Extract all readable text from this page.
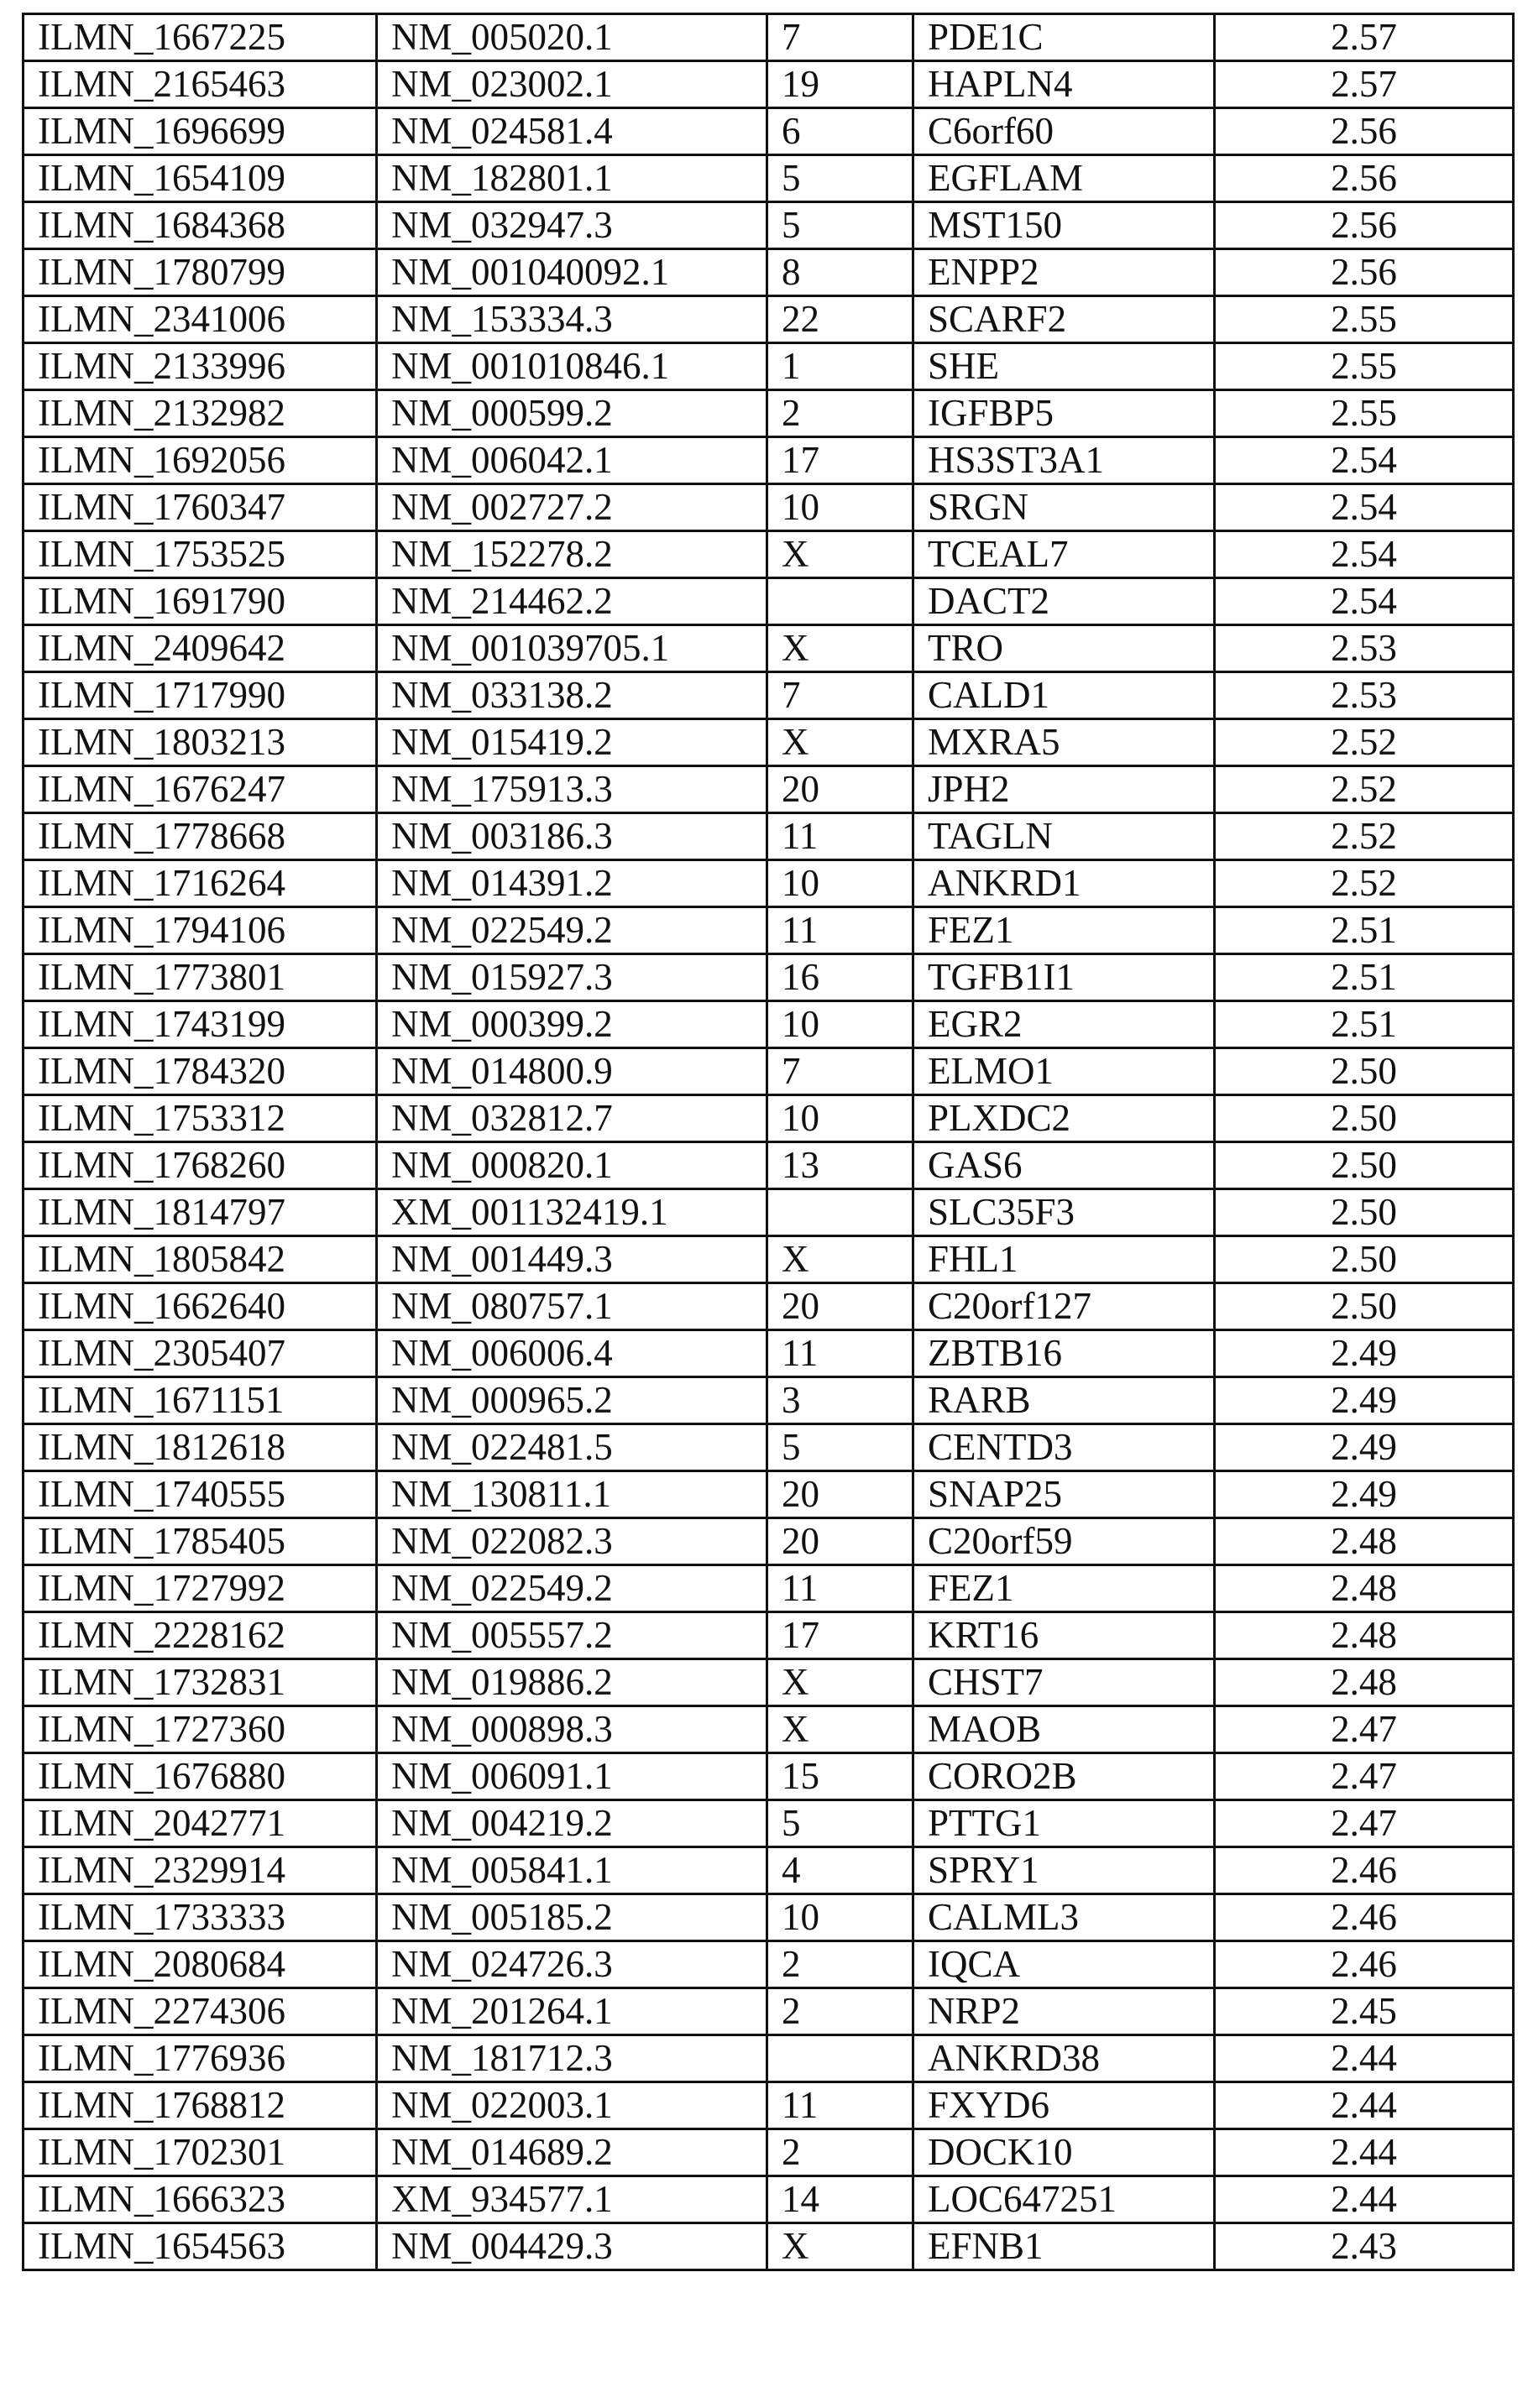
ILMN_1667225	NM_005020.1	7	PDE1C	2.57
ILMN_2165463	NM_023002.1	19	HAPLN4	2.57
ILMN_1696699	NM_024581.4	6	C6orf60	2.56
ILMN_1654109	NM_182801.1	5	EGFLAM	2.56
ILMN_1684368	NM_032947.3	5	MST150	2.56
ILMN_1780799	NM_001040092.1	8	ENPP2	2.56
ILMN_2341006	NM_153334.3	22	SCARF2	2.55
ILMN_2133996	NM_001010846.1	1	SHE	2.55
ILMN_2132982	NM_000599.2	2	IGFBP5	2.55
ILMN_1692056	NM_006042.1	17	HS3ST3A1	2.54
ILMN_1760347	NM_002727.2	10	SRGN	2.54
ILMN_1753525	NM_152278.2	X	TCEAL7	2.54
ILMN_1691790	NM_214462.2		DACT2	2.54
ILMN_2409642	NM_001039705.1	X	TRO	2.53
ILMN_1717990	NM_033138.2	7	CALD1	2.53
ILMN_1803213	NM_015419.2	X	MXRA5	2.52
ILMN_1676247	NM_175913.3	20	JPH2	2.52
ILMN_1778668	NM_003186.3	11	TAGLN	2.52
ILMN_1716264	NM_014391.2	10	ANKRD1	2.52
ILMN_1794106	NM_022549.2	11	FEZ1	2.51
ILMN_1773801	NM_015927.3	16	TGFB1I1	2.51
ILMN_1743199	NM_000399.2	10	EGR2	2.51
ILMN_1784320	NM_014800.9	7	ELMO1	2.50
ILMN_1753312	NM_032812.7	10	PLXDC2	2.50
ILMN_1768260	NM_000820.1	13	GAS6	2.50
ILMN_1814797	XM_001132419.1		SLC35F3	2.50
ILMN_1805842	NM_001449.3	X	FHL1	2.50
ILMN_1662640	NM_080757.1	20	C20orf127	2.50
ILMN_2305407	NM_006006.4	11	ZBTB16	2.49
ILMN_1671151	NM_000965.2	3	RARB	2.49
ILMN_1812618	NM_022481.5	5	CENTD3	2.49
ILMN_1740555	NM_130811.1	20	SNAP25	2.49
ILMN_1785405	NM_022082.3	20	C20orf59	2.48
ILMN_1727992	NM_022549.2	11	FEZ1	2.48
ILMN_2228162	NM_005557.2	17	KRT16	2.48
ILMN_1732831	NM_019886.2	X	CHST7	2.48
ILMN_1727360	NM_000898.3	X	MAOB	2.47
ILMN_1676880	NM_006091.1	15	CORO2B	2.47
ILMN_2042771	NM_004219.2	5	PTTG1	2.47
ILMN_2329914	NM_005841.1	4	SPRY1	2.46
ILMN_1733333	NM_005185.2	10	CALML3	2.46
ILMN_2080684	NM_024726.3	2	IQCA	2.46
ILMN_2274306	NM_201264.1	2	NRP2	2.45
ILMN_1776936	NM_181712.3		ANKRD38	2.44
ILMN_1768812	NM_022003.1	11	FXYD6	2.44
ILMN_1702301	NM_014689.2	2	DOCK10	2.44
ILMN_1666323	XM_934577.1	14	LOC647251	2.44
ILMN_1654563	NM_004429.3	X	EFNB1	2.43
